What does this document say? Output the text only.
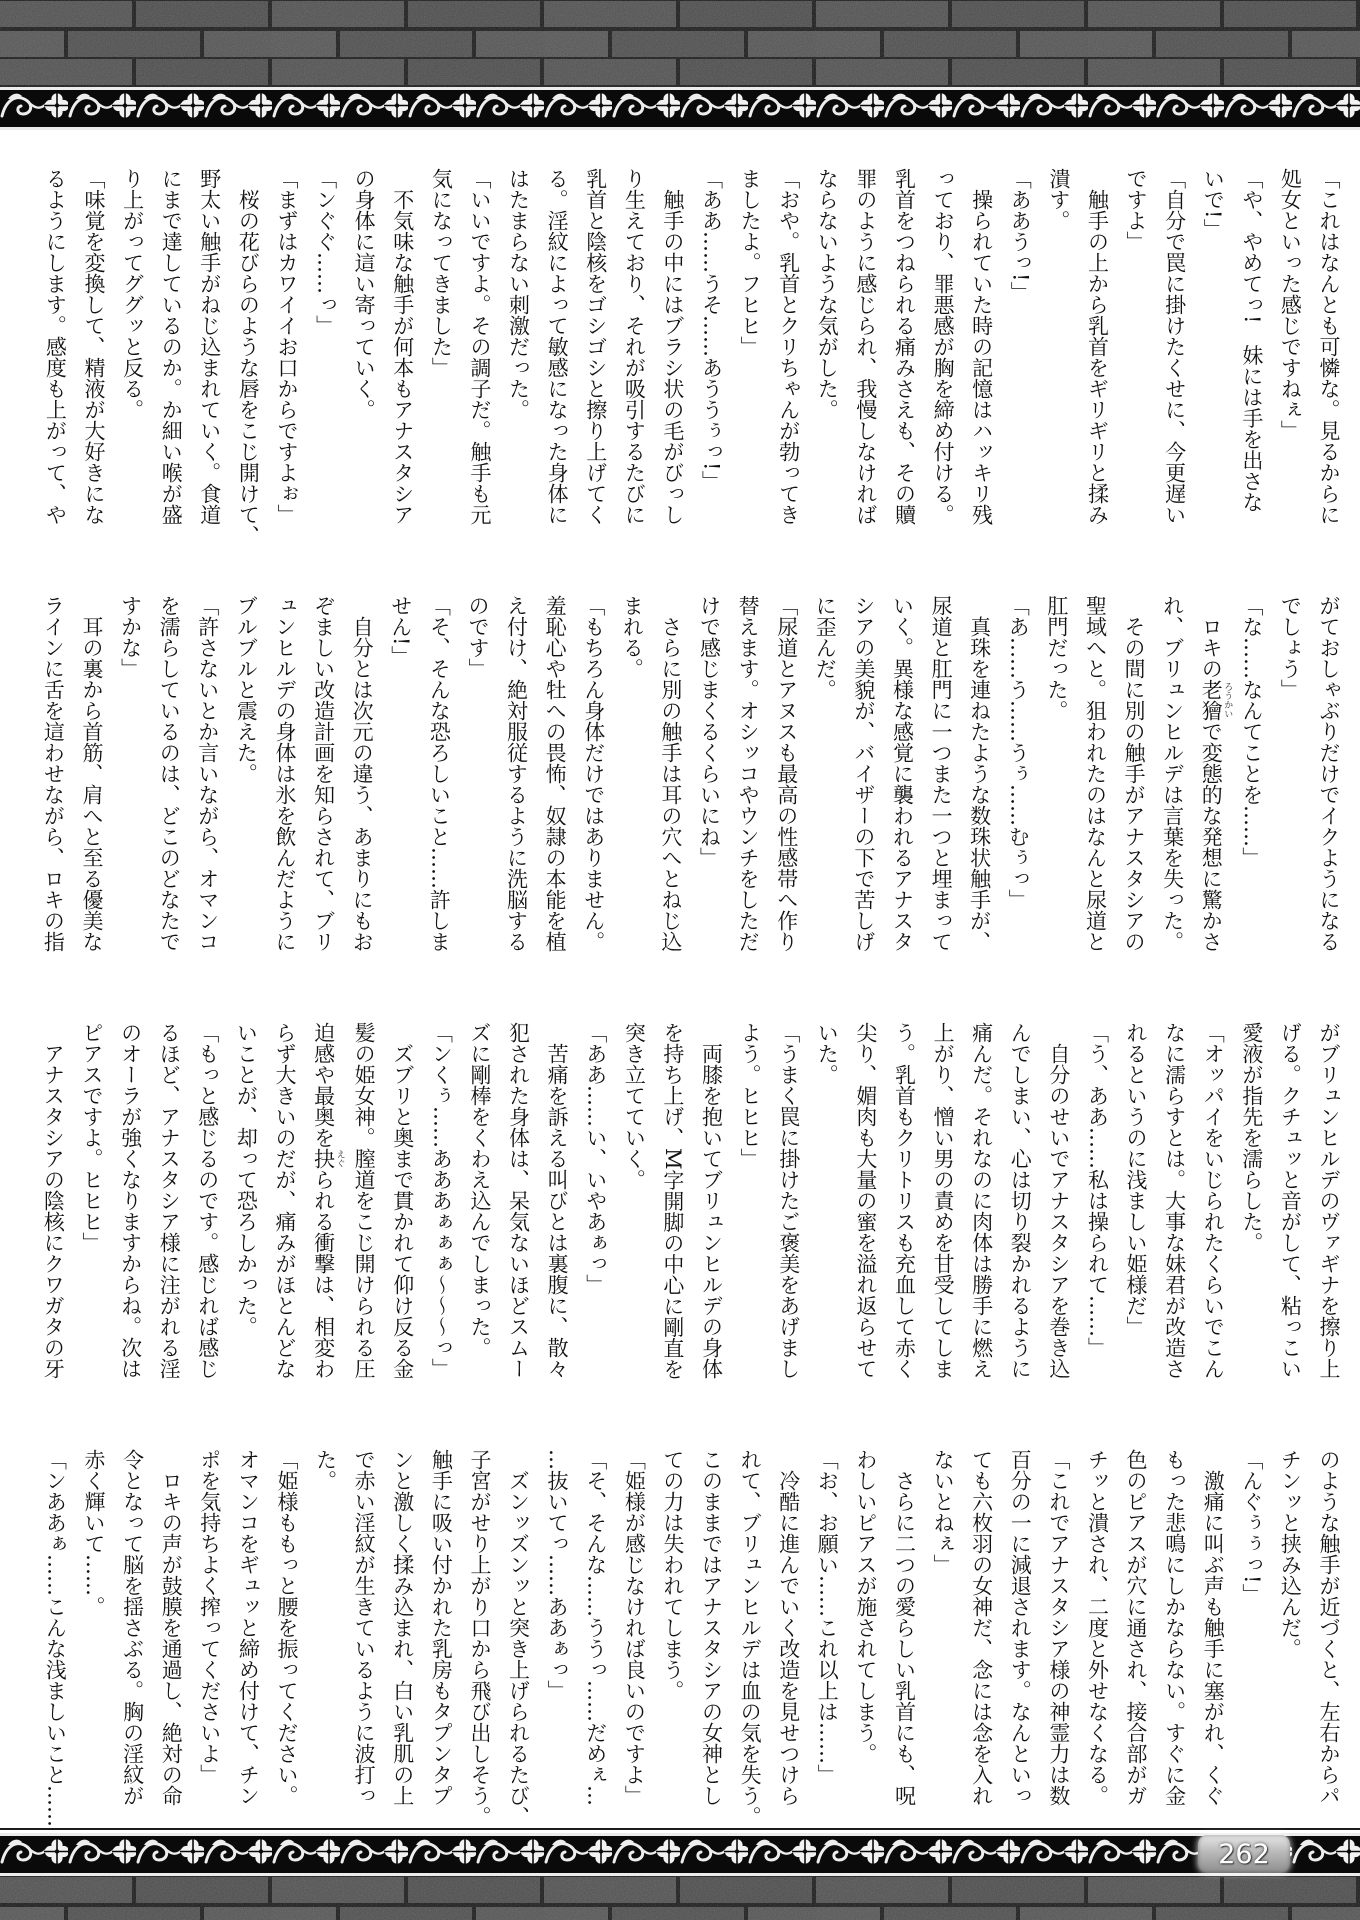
「これはなんとも可憐な。見るからに

処女といった感じですねぇ」

「や、やめてっ!　妹には手を出さな

いで!」

「自分で罠に掛けたくせに、今更遅い

ですよ」

　触手の上から乳首をギリギリと揉み

潰す。

「ああうっ!」

　操られていた時の記憶はハッキリ残

っており、罪悪感が胸を締め付ける。

乳首をつねられる痛みさえも、その贖

罪のように感じられ、我慢しなければ

ならないような気がした。

「おや。乳首とクリちゃんが勃ってき

ましたよ。フヒヒ」

「ああ……うそ……あううぅっ!」

　触手の中にはブラシ状の毛がびっし

り生えており、それが吸引するたびに

乳首と陰核をゴシゴシと擦り上げてく

る。淫紋によって敏感になった身体に

はたまらない刺激だった。

「いいですよ。その調子だ。触手も元

気になってきました」

　不気味な触手が何本もアナスタシア

の身体に這い寄っていく。

「ンぐぐ……っ」

「まずはカワイイお口からですよぉ」

　桜の花びらのような唇をこじ開けて、

野太い触手がねじ込まれていく。食道

にまで達しているのか。か細い喉が盛

り上がってググッと反る。

「味覚を変換して、精液が大好きにな

るようにします。感度も上がって、や

がておしゃぶりだけでイクようになる

でしょう」

「な……なんてことを……」

　ロキの老獪 ろうかいで変態的な発想に驚かさ

れ、ブリュンヒルデは言葉を失った。

　その間に別の触手がアナスタシアの

聖域へと。狙われたのはなんと尿道と

肛門だった。

「あ……う……うぅ……むぅっ」

　真珠を連ねたような数珠状触手が、

尿道と肛門に一つまた一つと埋まって

いく。異様な感覚に襲われるアナスタ

シアの美貌が、バイザーの下で苦しげ

に歪んだ。

「尿道とアヌスも最高の性感帯へ作り

替えます。オシッコやウンチをしただ

けで感じまくるくらいにね」

　さらに別の触手は耳の穴へとねじ込

まれる。

「もちろん身体だけではありません。

羞恥心や牡への畏怖、奴隷の本能を植

え付け、絶対服従するように洗脳する

のです」

「そ、そんな恐ろしいこと……許しま

せん!」

　自分とは次元の違う、あまりにもお

ぞましい改造計画を知らされて、ブリ

ュンヒルデの身体は氷を飲んだように

ブルブルと震えた。

「許さないとか言いながら、オマンコ

を濡らしているのは、どこのどなたで

すかな」

　耳の裏から首筋、肩へと至る優美な

ラインに舌を這わせながら、ロキの指

がブリュンヒルデのヴァギナを擦り上

げる。クチュッと音がして、粘っこい

愛液が指先を濡らした。

「オッパイをいじられたくらいでこん

なに濡らすとは。大事な妹君が改造さ

れるというのに浅ましい姫様だ」

「う、ああ……私は操られて……」

　自分のせいでアナスタシアを巻き込

んでしまい、心は切り裂かれるように

痛んだ。それなのに肉体は勝手に燃え

上がり、憎い男の責めを甘受してしま

う。乳首もクリトリスも充血して赤く

尖り、媚肉も大量の蜜を溢れ返らせて

いた。

「うまく罠に掛けたご褒美をあげまし

よう。ヒヒヒ」

　両膝を抱いてブリュンヒルデの身体

を持ち上げ、М字開脚の中心に剛直を

突き立てていく。

「ああ……い、いやあぁっ」

　苦痛を訴える叫びとは裏腹に、散々

犯された身体は、呆気ないほどスムー

ズに剛棒をくわえ込んでしまった。

「ンくぅ……あああぁぁぁ〜〜〜っ」

　ズブリと奥まで貫かれて仰け反る金

髪の姫女神。膣道をこじ開けられる圧

迫感や最奥を抉 えぐられる衝撃は、相変わ

らず大きいのだが、痛みがほとんどな

いことが、却って恐ろしかった。

「もっと感じるのです。感じれば感じ

るほど、アナスタシア様に注がれる淫

のオーラが強くなりますからね。次は

ピアスですよ。ヒヒヒ」

　アナスタシアの陰核にクワガタの牙

のような触手が近づくと、左右からパ

チンッと挟み込んだ。

「んぐぅぅっ!」

　激痛に叫ぶ声も触手に塞がれ、くぐ

もった悲鳴にしかならない。すぐに金

色のピアスが穴に通され、接合部がガ

チッと潰され、二度と外せなくなる。

「これでアナスタシア様の神霊力は数

百分の一に減退されます。なんといっ

ても六枚羽の女神だ、念には念を入れ

ないとねぇ」

　さらに二つの愛らしい乳首にも、呪

わしいピアスが施されてしまう。

「お、お願い……これ以上は……」

　冷酷に進んでいく改造を見せつけら

れて、ブリュンヒルデは血の気を失う。

このままではアナスタシアの女神とし

ての力は失われてしまう。

「姫様が感じなければ良いのですよ」

「そ、そんな……ううっ……だめぇ…

…抜いてっ……ああぁっ」

　ズンッズンッと突き上げられるたび、

子宮がせり上がり口から飛び出しそう。

触手に吸い付かれた乳房もタプンタプ

ンと激しく揉み込まれ、白い乳肌の上

で赤い淫紋が生きているように波打っ

た。

「姫様ももっと腰を振ってください。

オマンコをギュッと締め付けて、チン

ポを気持ちよく搾ってくださいよ」

　ロキの声が鼓膜を通過し、絶対の命

令となって脳を揺さぶる。胸の淫紋が

赤く輝いて……。

「ンああぁ……こんな浅ましいこと……

262
